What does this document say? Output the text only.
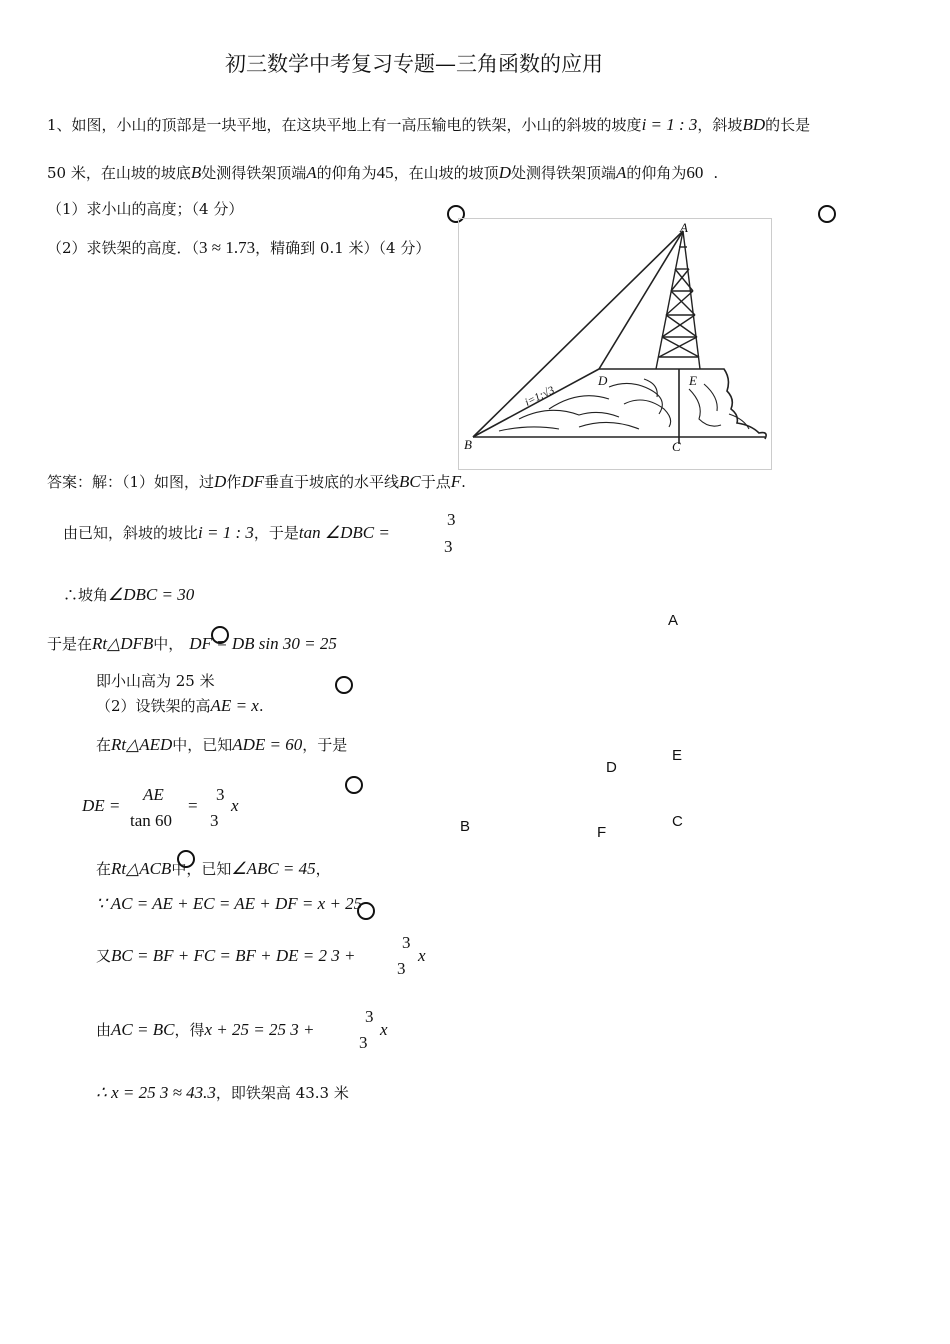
初三数学中考复习专题—三角函数的应用
1、如图，小山的顶部是一块平地，在这块平地上有一高压输电的铁架，小山的斜坡的坡度i = 1 : 3，斜坡BD的长是
50 米，在山坡的坡底B处测得铁架顶端A的仰角为45，在山坡的坡顶D处测得铁架顶端A的仰角为60 .
（1）求小山的高度；（4 分）
（2）求铁架的高度．（3 ≈ 1.73，精确到 0.1 米）（4 分）
A
B	C
D	E
i=1:√3
答案：解：（1）如图，过D作DF垂直于坡底的水平线BC于点F.
由已知，斜坡的坡比i = 1 : 3，于是tan ∠DBC =
3
3
∴坡角∠DBC = 30
于是在Rt△DFB中， DF = DB sin 30 = 25
即小山高为 25 米
（2）设铁架的高AE = x.
在Rt△AED中，已知ADE = 60，于是
DE =
AE
tan 60
=
3
3
x
在Rt△ACB中，已知∠ABC = 45，
∵ AC = AE + EC = AE + DF = x + 25
又BC = BF + FC = BF + DE = 2 3 +
3
3
x
由AC = BC，得x + 25 = 25 3 +
3
3
x
∴ x = 25 3 ≈ 43.3，即铁架高 43.3 米
A
D
E
B	F
C
